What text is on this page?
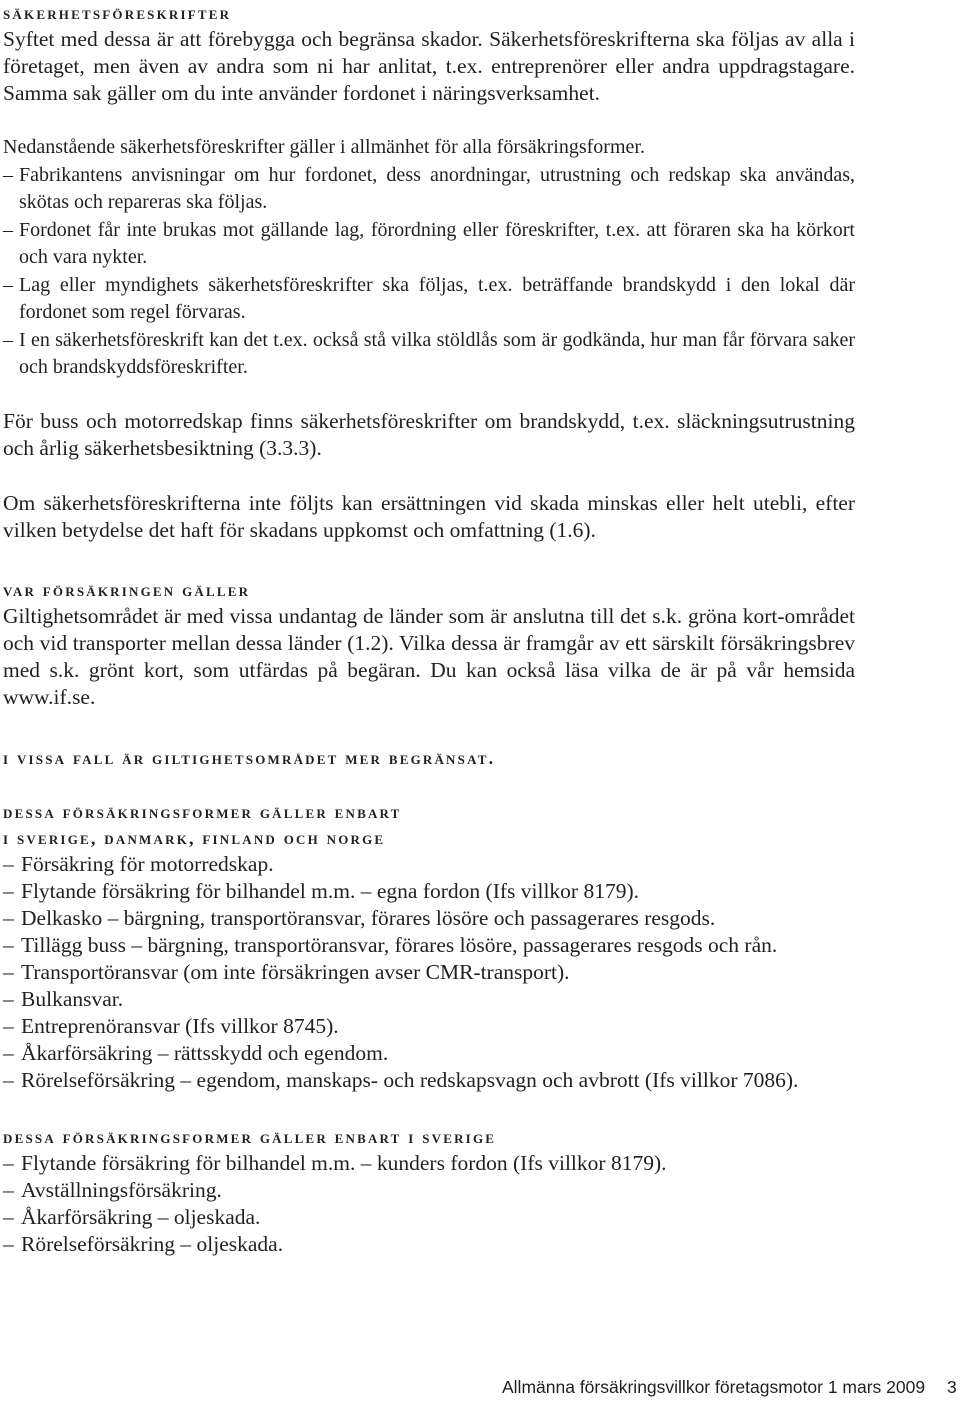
säkerhetsföreskrifter

Syftet med dessa är att förebygga och begränsa skador. Säkerhetsföreskrifterna ska följas av alla i företaget, men även av andra som ni har anlitat, t.ex. entreprenörer eller andra uppdragstagare. Samma sak gäller om du inte använder fordonet i näringsverksamhet.

Nedanstående säkerhetsföreskrifter gäller i allmänhet för alla försäkringsformer.

– Fabrikantens anvisningar om hur fordonet, dess anordningar, utrustning och redskap ska användas, skötas och repareras ska följas.
– Fordonet får inte brukas mot gällande lag, förordning eller föreskrifter, t.ex. att föraren ska ha körkort och vara nykter.
– Lag eller myndighets säkerhetsföreskrifter ska följas, t.ex. beträffande brandskydd i den lokal där fordonet som regel förvaras.
– I en säkerhetsföreskrift kan det t.ex. också stå vilka stöldlås som är godkända, hur man får förvara saker och brandskyddsföreskrifter.

För buss och motorredskap finns säkerhetsföreskrifter om brandskydd, t.ex. släckningsutrustning och årlig säkerhetsbesiktning (3.3.3).

Om säkerhetsföreskrifterna inte följts kan ersättningen vid skada minskas eller helt utebli, efter vilken betydelse det haft för skadans uppkomst och omfattning (1.6).

var försäkringen gäller

Giltighetsområdet är med vissa undantag de länder som är anslutna till det s.k. gröna kort-området och vid transporter mellan dessa länder (1.2). Vilka dessa är framgår av ett särskilt försäkringsbrev med s.k. grönt kort, som utfärdas på begäran. Du kan också läsa vilka de är på vår hemsida www.if.se.

i vissa fall är giltighetsområdet mer begränsat.
dessa försäkringsformer gäller enbart
i sverige, danmark, finland och norge
– Försäkring för motorredskap.
– Flytande försäkring för bilhandel m.m. – egna fordon (Ifs villkor 8179).
– Delkasko – bärgning, transportöransvar, förares lösöre och passagerares resgods.
– Tillägg buss – bärgning, transportöransvar, förares lösöre, passagerares resgods och rån.
– Transportöransvar (om inte försäkringen avser CMR-transport).
– Bulkansvar.
– Entreprenöransvar (Ifs villkor 8745).
– Åkarförsäkring – rättsskydd och egendom.
– Rörelseförsäkring – egendom, manskaps- och redskapsvagn och avbrott (Ifs villkor 7086).
dessa försäkringsformer gäller enbart i sverige
– Flytande försäkring för bilhandel m.m. – kunders fordon (Ifs villkor 8179).
– Avställningsförsäkring.
– Åkarförsäkring – oljeskada.
– Rörelseförsäkring – oljeskada.
Allmänna försäkringsvillkor företagsmotor 1 mars 2009 3
